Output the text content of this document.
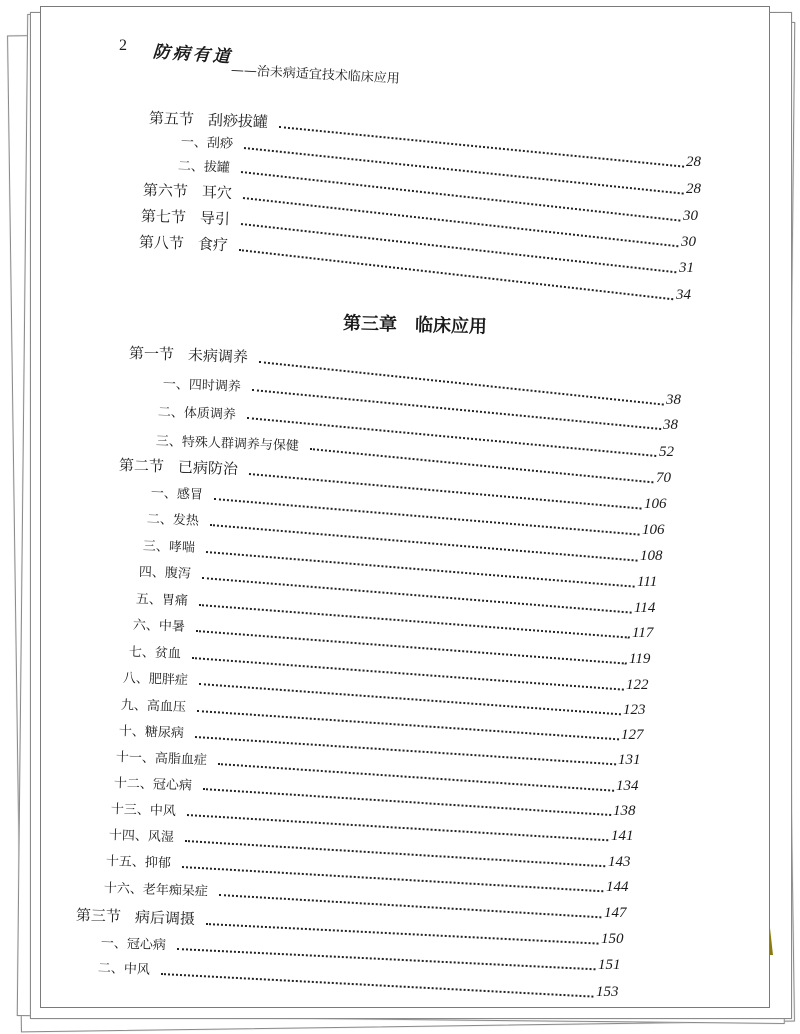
2 防病有道
——治未病适宜技术临床应用
第三章 临床应用
第五节 刮痧拔罐
28
一、刮痧
28
二、拔罐
30
第六节 耳穴
30
第七节 导引
31
第八节 食疗
34
第一节 未病调养
38
一、四时调养
38
二、体质调养
52
三、特殊人群调养与保健
70
第二节 已病防治
106
一、感冒
106
二、发热
108
三、哮喘
111
四、腹泻
114
五、胃痛
117
六、中暑
119
七、贫血
122
八、肥胖症
123
九、高血压
127
十、糖尿病
131
十一、高脂血症
134
十二、冠心病
138
十三、中风
141
十四、风湿
143
十五、抑郁
144
十六、老年痴呆症
147
第三节 病后调摄
150
一、冠心病
151
二、中风
153
